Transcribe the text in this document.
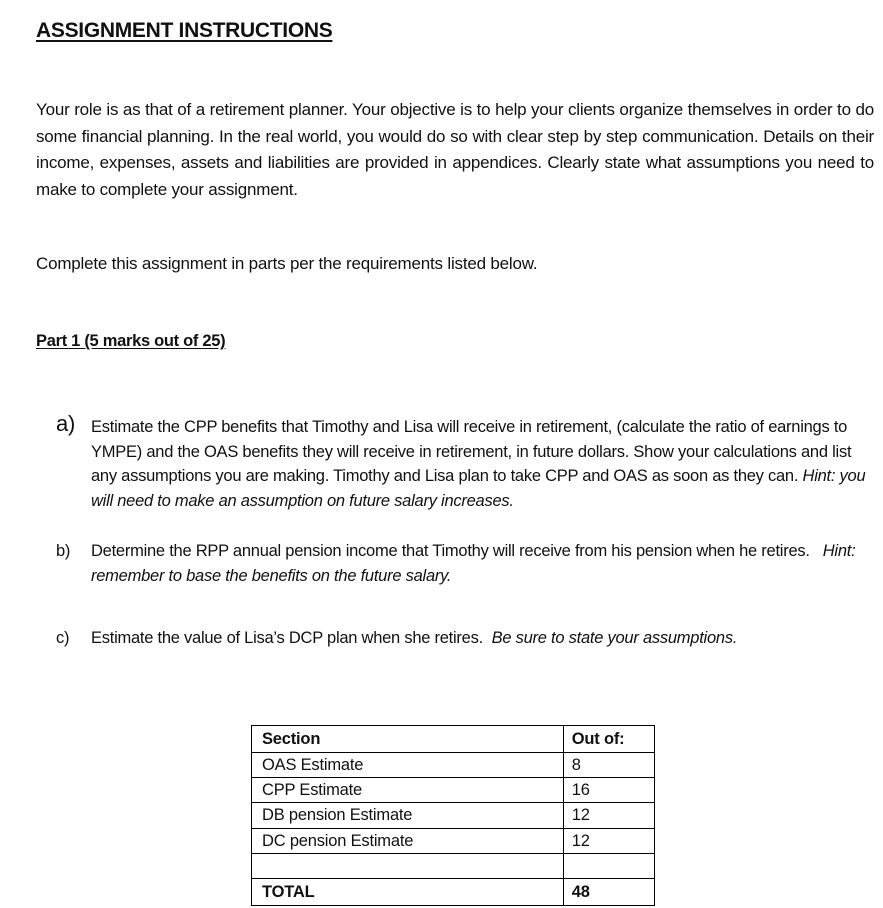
ASSIGNMENT INSTRUCTIONS
Your role is as that of a retirement planner. Your objective is to help your clients organize themselves in order to do some financial planning. In the real world, you would do so with clear step by step communication. Details on their income, expenses, assets and liabilities are provided in appendices. Clearly state what assumptions you need to make to complete your assignment.
Complete this assignment in parts per the requirements listed below.
Part 1 (5 marks out of 25)
a) Estimate the CPP benefits that Timothy and Lisa will receive in retirement, (calculate the ratio of earnings to YMPE) and the OAS benefits they will receive in retirement, in future dollars. Show your calculations and list any assumptions you are making. Timothy and Lisa plan to take CPP and OAS as soon as they can. Hint: you will need to make an assumption on future salary increases.
b)	Determine the RPP annual pension income that Timothy will receive from his pension when he retires.   Hint: remember to base the benefits on the future salary.
c)	Estimate the value of Lisa’s DCP plan when she retires.  Be sure to state your assumptions.
Section	Out of:
OAS Estimate	8
CPP Estimate	16
DB pension Estimate	12
DC pension Estimate	12

TOTAL	48
